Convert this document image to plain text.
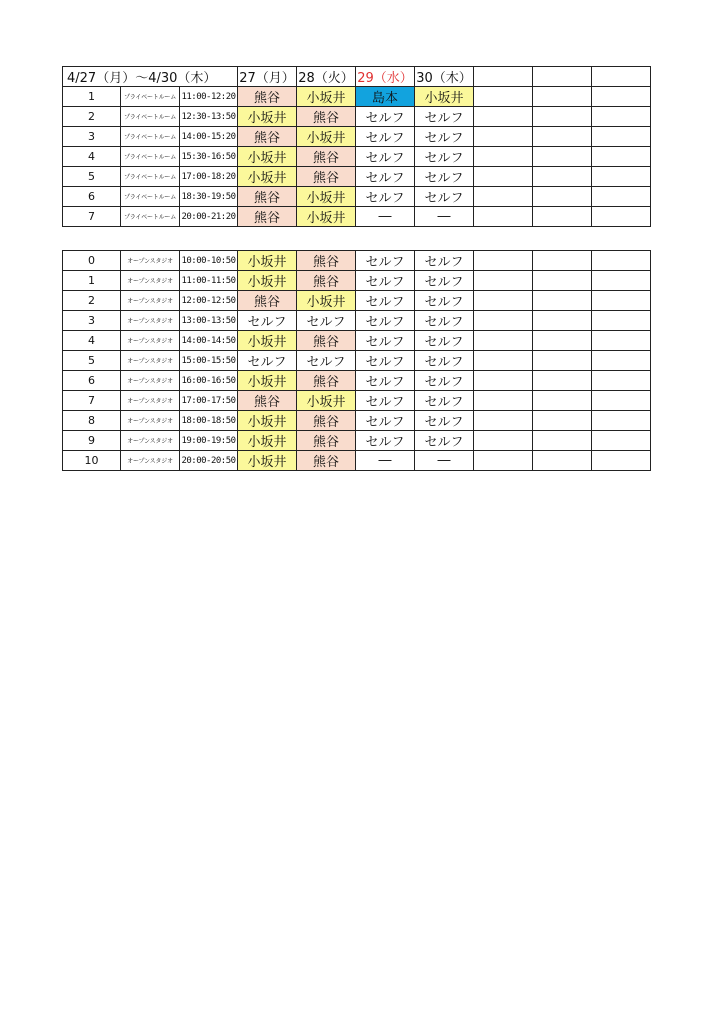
4/27（月）～4/30（木）			27（月）	28（火）	29（水）	30（木）			
1	プライベートルーム	11:00-12:20	熊谷	小坂井	島本	小坂井			
2	プライベートルーム	12:30-13:50	小坂井	熊谷	セルフ	セルフ			
3	プライベートルーム	14:00-15:20	熊谷	小坂井	セルフ	セルフ			
4	プライベートルーム	15:30-16:50	小坂井	熊谷	セルフ	セルフ			
5	プライベートルーム	17:00-18:20	小坂井	熊谷	セルフ	セルフ			
6	プライベートルーム	18:30-19:50	熊谷	小坂井	セルフ	セルフ			
7	プライベートルーム	20:00-21:20	熊谷	小坂井	―	―			
0	オープンスタジオ	10:00-10:50	小坂井	熊谷	セルフ	セルフ			
1	オープンスタジオ	11:00-11:50	小坂井	熊谷	セルフ	セルフ			
2	オープンスタジオ	12:00-12:50	熊谷	小坂井	セルフ	セルフ			
3	オープンスタジオ	13:00-13:50	セルフ	セルフ	セルフ	セルフ			
4	オープンスタジオ	14:00-14:50	小坂井	熊谷	セルフ	セルフ			
5	オープンスタジオ	15:00-15:50	セルフ	セルフ	セルフ	セルフ			
6	オープンスタジオ	16:00-16:50	小坂井	熊谷	セルフ	セルフ			
7	オープンスタジオ	17:00-17:50	熊谷	小坂井	セルフ	セルフ			
8	オープンスタジオ	18:00-18:50	小坂井	熊谷	セルフ	セルフ			
9	オープンスタジオ	19:00-19:50	小坂井	熊谷	セルフ	セルフ			
10	オープンスタジオ	20:00-20:50	小坂井	熊谷	―	―			
